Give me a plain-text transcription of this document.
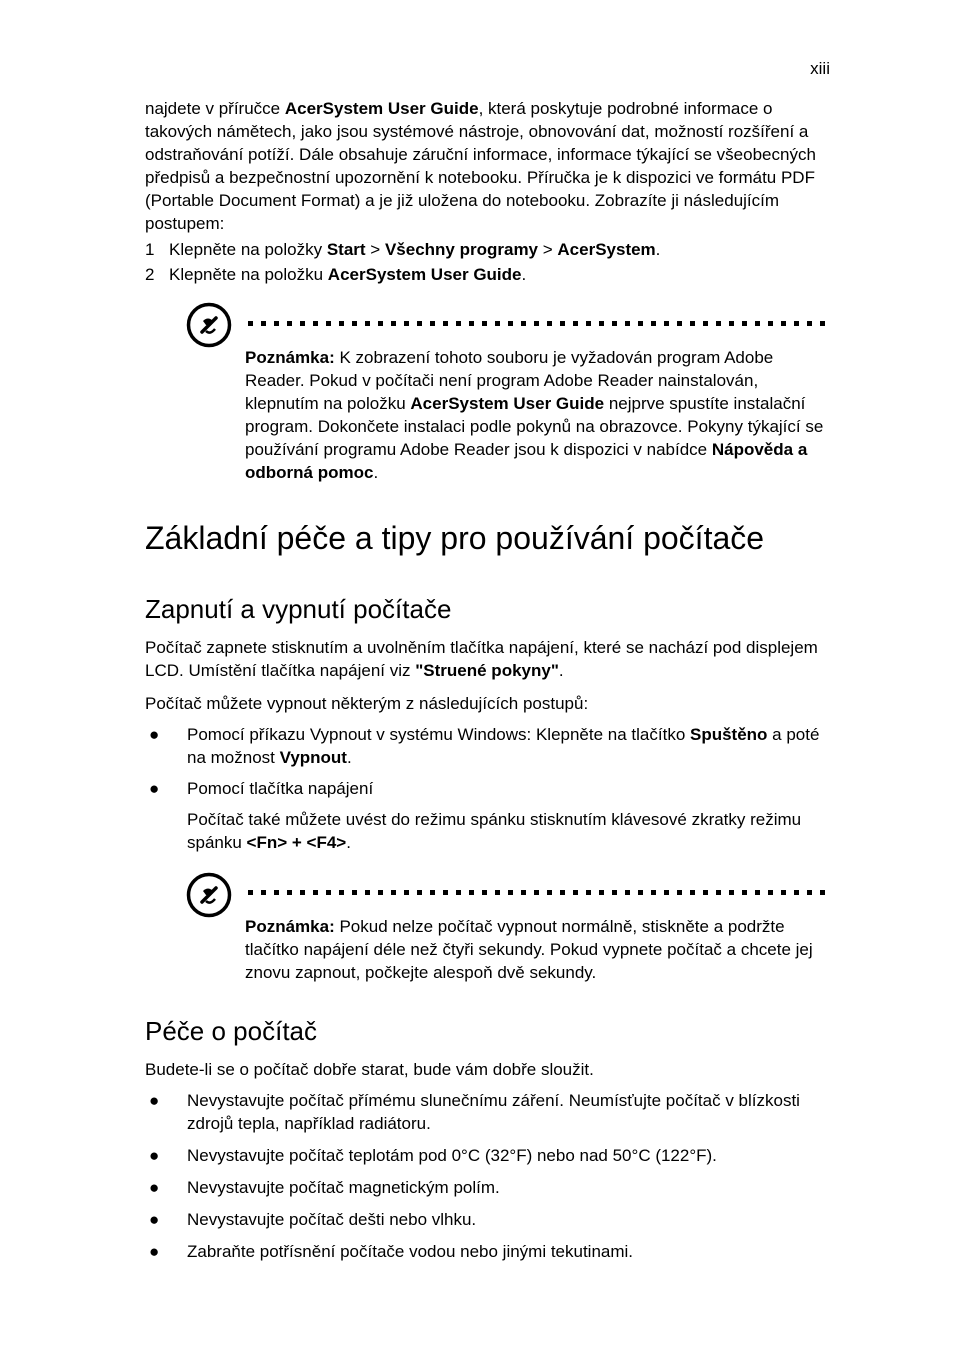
xiii

najdete v příručce AcerSystem User Guide, která poskytuje podrobné informace o takových námětech, jako jsou systémové nástroje, obnovování dat, možností rozšíření a odstraňování potíží. Dále obsahuje záruční informace, informace týkající se všeobecných předpisů a bezpečnostní upozornění k notebooku. Příručka je k dispozici ve formátu PDF (Portable Document Format) a je již uložena do notebooku. Zobrazíte ji následujícím postupem:

1 Klepněte na položky Start > Všechny programy > AcerSystem.
2 Klepněte na položku AcerSystem User Guide.

Poznámka: K zobrazení tohoto souboru je vyžadován program Adobe Reader. Pokud v počítači není program Adobe Reader nainstalován, klepnutím na položku AcerSystem User Guide nejprve spustíte instalační program. Dokončete instalaci podle pokynů na obrazovce. Pokyny týkající se používání programu Adobe Reader jsou k dispozici v nabídce Nápověda a odborná pomoc.

Základní péče a tipy pro používání počítače
Zapnutí a vypnutí počítače

Počítač zapnete stisknutím a uvolněním tlačítka napájení, které se nachází pod displejem LCD. Umístění tlačítka napájení viz "Struené pokyny".

Počítač můžete vypnout některým z následujících postupů:

● Pomocí příkazu Vypnout v systému Windows: Klepněte na tlačítko Spuštěno a poté na možnost Vypnout.
● Pomocí tlačítka napájení

Počítač také můžete uvést do režimu spánku stisknutím klávesové zkratky režimu spánku <Fn> + <F4>.

Poznámka: Pokud nelze počítač vypnout normálně, stiskněte a podržte tlačítko napájení déle než čtyři sekundy. Pokud vypnete počítač a chcete jej znovu zapnout, počkejte alespoň dvě sekundy.

Péče o počítač

Budete-li se o počítač dobře starat, bude vám dobře sloužit.

● Nevystavujte počítač přímému slunečnímu záření. Neumísťujte počítač v blízkosti zdrojů tepla, například radiátoru.
● Nevystavujte počítač teplotám pod 0°C (32°F) nebo nad 50°C (122°F).
● Nevystavujte počítač magnetickým polím.
● Nevystavujte počítač dešti nebo vlhku.
● Zabraňte potřísnění počítače vodou nebo jinými tekutinami.
